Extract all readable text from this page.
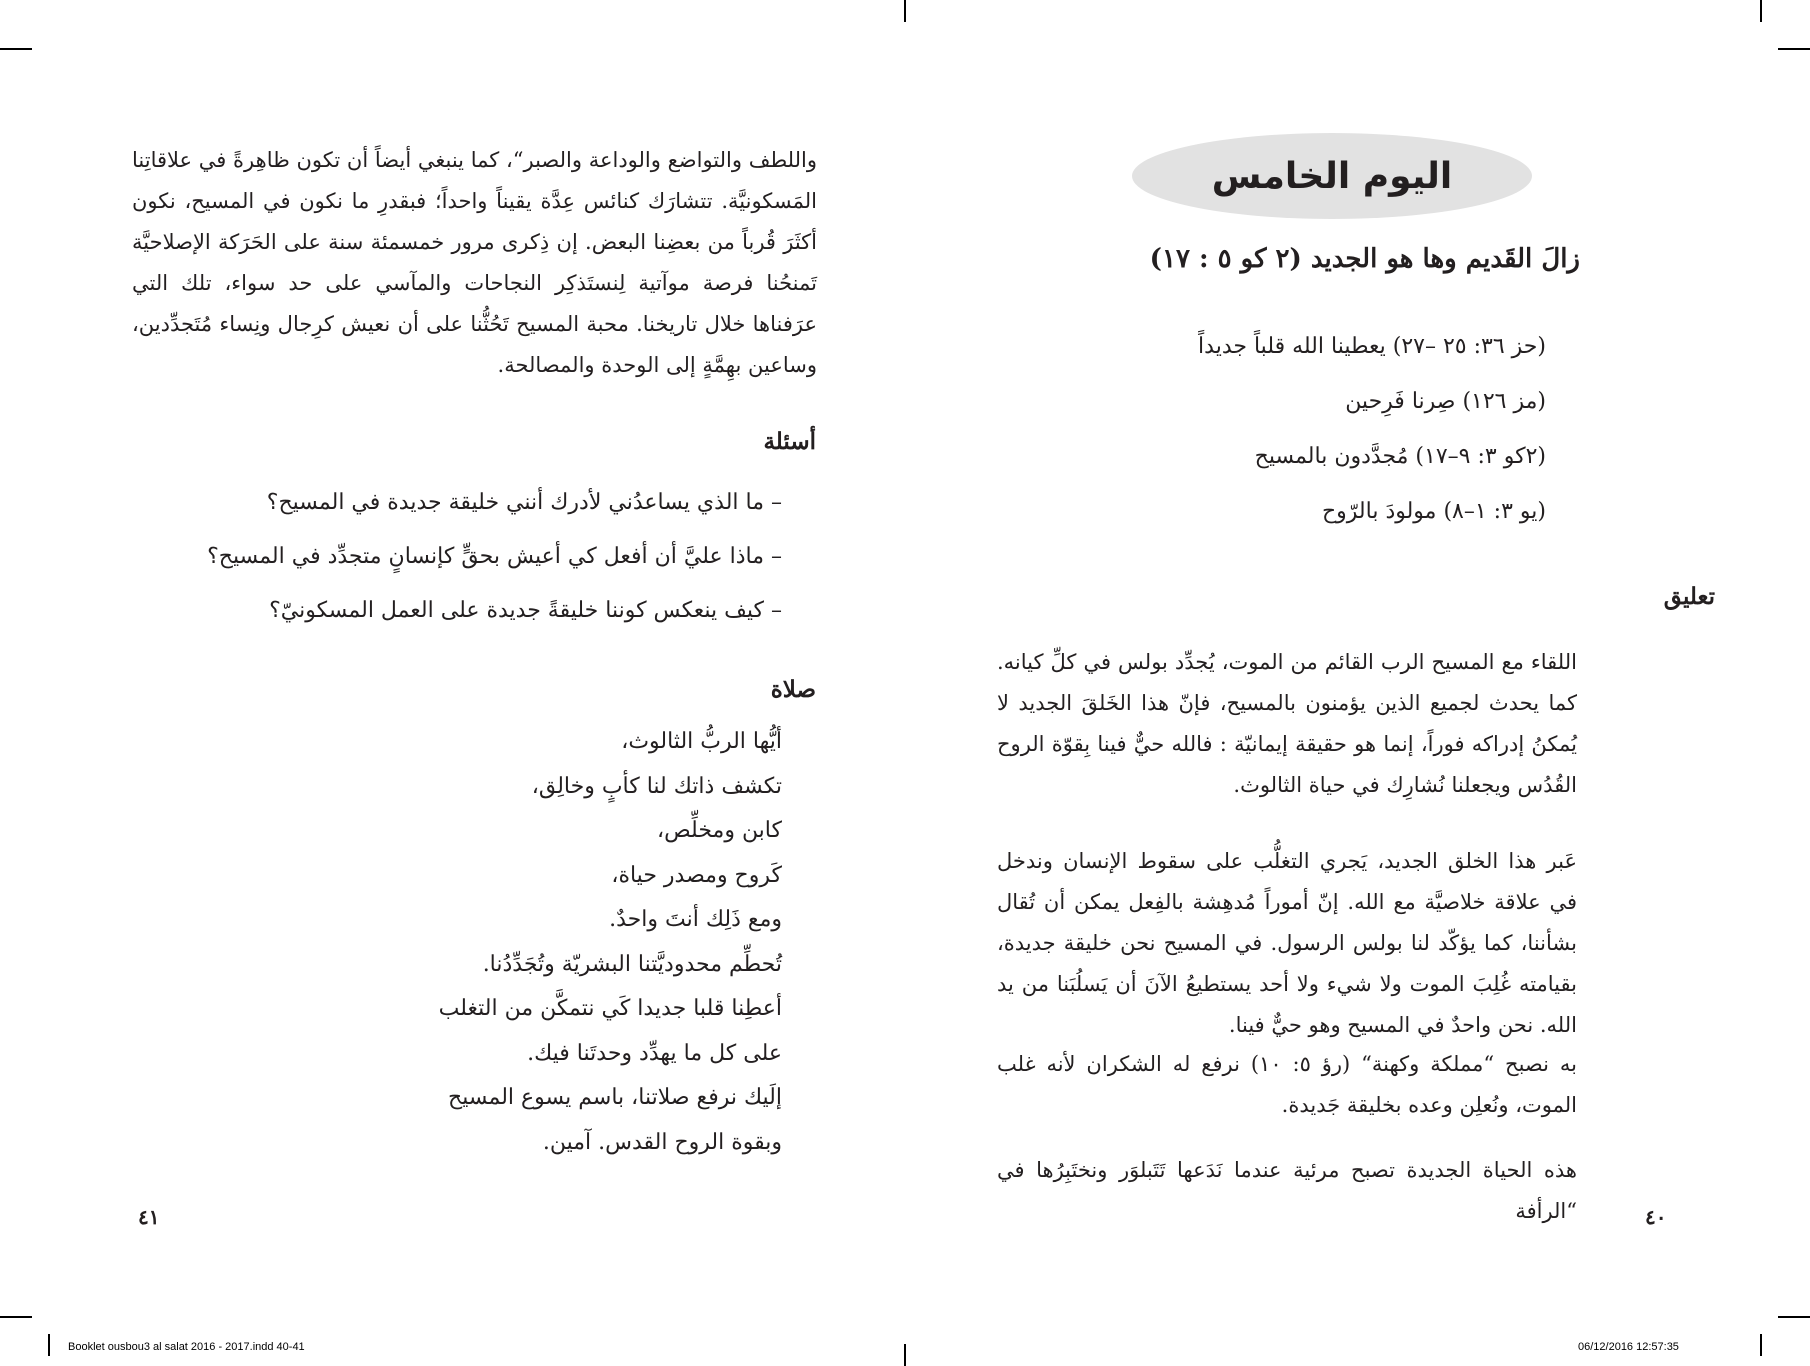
واللطف والتواضع والوداعة والصبر“، كما ينبغي أيضاً أن تكون ظاهِرةً في علاقاتِنا المَسكونيَّة. تتشارَك كنائس عِدَّة يقيناً واحداً؛ فبقدرِ ما نكون في المسيح، نكون أكثَرَ قُرباً من بعضِنا البعض. إن ذِكرى مرور خمسمئة سنة على الحَرَكة الإصلاحيَّة تَمنحُنا فرصة موآتية لِنستَذكِر النجاحات والمآسي على حد سواء، تلك التي عرَفناها خلال تاريخنا. محبة المسيح تَحُثُّنا على أن نعيش كرِجال ونِساء مُتَجدِّدين، وساعين بهِمَّةٍ إلى الوحدة والمصالحة.
أسئلة
– ما الذي يساعدُني لأدرك أنني خليقة جديدة في المسيح؟
– ماذا عليَّ أن أفعل كي أعيش بحقٍّ كإنسانٍ متجدِّد في المسيح؟
– كيف ينعكس كوننا خليقةً جديدة على العمل المسكونيّ؟
صلاة
أيُّها الربُّ الثالوث،
تكشف ذاتك لنا كأبٍ وخالِق،
كابن ومخلِّص،
كَروح ومصدر حياة،
ومع ذَلِك أنتَ واحدٌ.
تُحطِّم محدوديَّتنا البشريّة وتُجَدِّدُنا.
أعطِنا قلبا جديدا كَي نتمكَّن من التغلب
على كل ما يهدِّد وحدتَنا فيك.
إلَيك نرفع صلاتنا، باسم يسوع المسيح
وبقوة الروح القدس. آمين.
٤١
اليوم الخامس
زالَ القَديم وها هو الجديد (٢ كو ٥ : ١٧)
(حز ٣٦: ٢٥ –٢٧) يعطينا الله قلباً جديداً
(مز ١٢٦) صِرنا فَرِحين
(٢كو ٣: ٩–١٧) مُجدَّدون بالمسيح
(يو ٣: ١–٨) مولودَ بالرّوح
تعليق
اللقاء مع المسيح الرب القائم من الموت، يُجدِّد بولس في كلِّ كيانه. كما يحدث لجميع الذين يؤمنون بالمسيح، فإنّ هذا الخَلقَ الجديد لا يُمكنُ إدراكه فوراً، إنما هو حقيقة إيمانيّة : فالله حيٌّ فينا بِقوّة الروح القُدُس ويجعلنا نُشارِك في حياة الثالوث.
عَبر هذا الخلق الجديد، يَجري التغلُّب على سقوط الإنسان وندخل في علاقة خلاصيَّة مع الله. إنّ أموراً مُدهِشة بالفِعل يمكن أن تُقال بشأننا، كما يؤكّد لنا بولس الرسول. في المسيح نحن خليقة جديدة، بقيامته غُلِبَ الموت ولا شيء ولا أحد يستطيعُ الآنَ أن يَسلُبَنا من يد الله. نحن واحدٌ في المسيح وهو حيٌّ فينا.
به نصبح “مملكة وكهنة“ (رؤ ٥: ١٠) نرفع له الشكران لأنه غلب الموت، ونُعلِن وعده بخليقة جَديدة.
هذه الحياة الجديدة تصبح مرئية عندما نَدَعها تَتَبلوَر ونختَبِرُها في “الرأفة	٤٠
Booklet ousbou3 al salat 2016 - 2017.indd 40-41	06/12/2016 12:57:35
